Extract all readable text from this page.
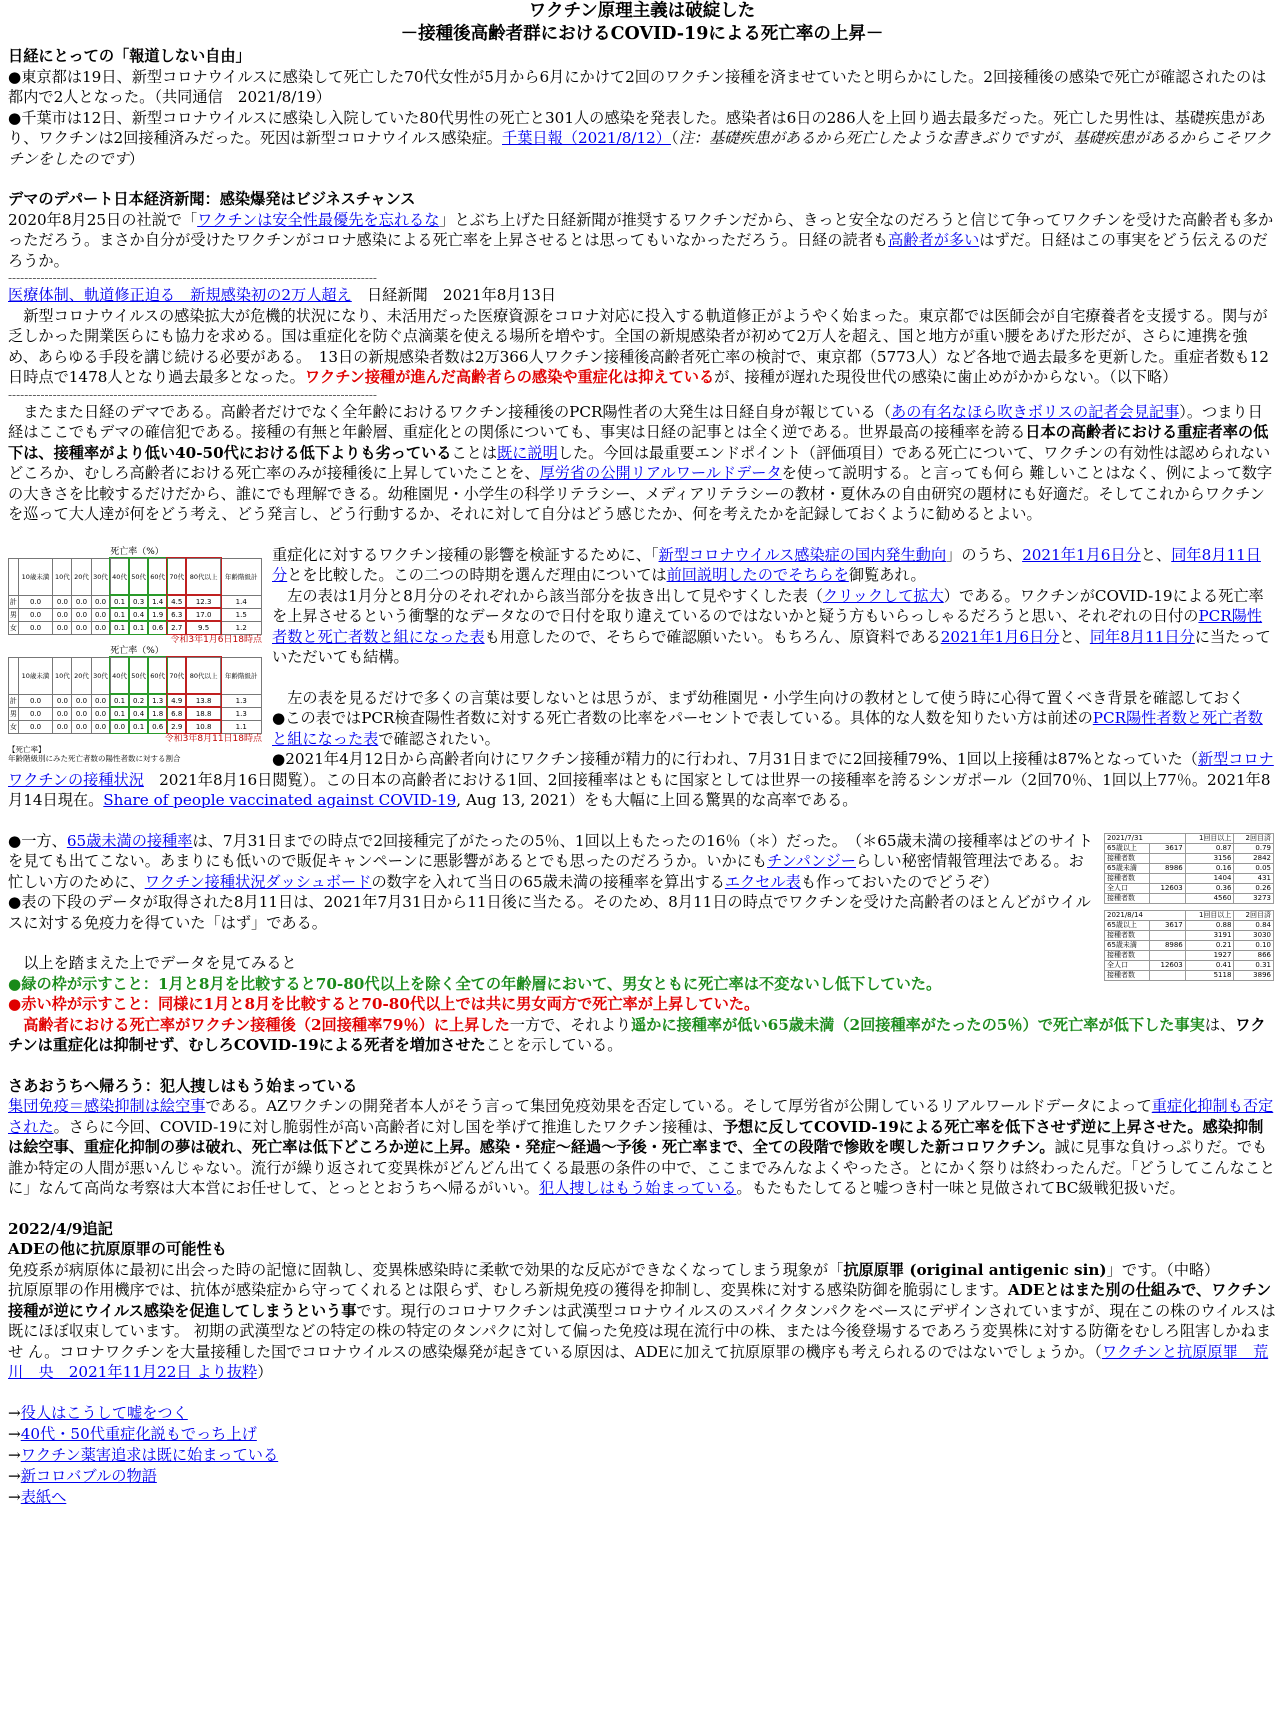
ワクチン原理主義は破綻した

－接種後高齢者群におけるCOVID-19による死亡率の上昇－

日経にとっての「報道しない自由」

●東京都は19日、新型コロナウイルスに感染して死亡した70代女性が5月から6月にかけて2回のワクチン接種を済ませていたと明らかにした。2回接種後の感染で死亡が確認されたのは都内で2人となった。（共同通信　2021/8/19）

●千葉市は12日、新型コロナウイルスに感染し入院していた80代男性の死亡と301人の感染を発表した。感染者は6日の286人を上回り過去最多だった。死亡した男性は、基礎疾患があり、ワクチンは2回接種済みだった。死因は新型コロナウイルス感染症。千葉日報（2021/8/12）（注：基礎疾患があるから死亡したような書きぶりですが、基礎疾患があるからこそワクチンをしたのです）

デマのデパート日本経済新聞：感染爆発はビジネスチャンス

2020年8月25日の社説で「ワクチンは安全性最優先を忘れるな」とぶち上げた日経新聞が推奨するワクチンだから、きっと安全なのだろうと信じて争ってワクチンを受けた高齢者も多かっただろう。まさか自分が受けたワクチンがコロナ感染による死亡率を上昇させるとは思ってもいなかっただろう。日経の読者も高齢者が多いはずだ。日経はこの事実をどう伝えるのだろうか。

-------------------------------------------------------------------------------------------

医療体制、軌道修正迫る　新規感染初の2万人超え　日経新聞　2021年8月13日

　新型コロナウイルスの感染拡大が危機的状況になり、未活用だった医療資源をコロナ対応に投入する軌道修正がようやく始まった。東京都では医師会が自宅療養者を支援する。関与が乏しかった開業医らにも協力を求める。国は重症化を防ぐ点滴薬を使える場所を増やす。全国の新規感染者が初めて2万人を超え、国と地方が重い腰をあげた形だが、さらに連携を強め、あらゆる手段を講じ続ける必要がある。　13日の新規感染者数は2万366人ワクチン接種後高齢者死亡率の検討で、東京都（5773人）など各地で過去最多を更新した。重症者数も12日時点で1478人となり過去最多となった。ワクチン接種が進んだ高齢者らの感染や重症化は抑えているが、接種が遅れた現役世代の感染に歯止めがかからない。（以下略）

-------------------------------------------------------------------------------------------

　またまた日経のデマである。高齢者だけでなく全年齢におけるワクチン接種後のPCR陽性者の大発生は日経自身が報じている（あの有名なほら吹きボリスの記者会見記事）。つまり日経はここでもデマの確信犯である。接種の有無と年齢層、重症化との関係についても、事実は日経の記事とは全く逆である。世界最高の接種率を誇る日本の高齢者における重症者率の低下は、接種率がより低い40-50代における低下よりも劣っていることは既に説明した。今回は最重要エンドポイント（評価項目）である死亡について、ワクチンの有効性は認められないどころか、むしろ高齢者における死亡率のみが接種後に上昇していたことを、厚労省の公開リアルワールドデータを使って説明する。と言っても何ら 難しいことはなく、例によって数字の大きさを比較するだけだから、誰にでも理解できる。幼稚園児・小学生の科学リテラシー、メディアリテラシーの教材・夏休みの自由研究の題材にも好適だ。そしてこれからワクチンを巡って大人達が何をどう考え、どう発言し、どう行動するか、それに対して自分はどう感じたか、何を考えたかを記録しておくように勧めるとよい。

死亡率（%）
	10歳未満	10代	20代	30代	40代	50代	60代	70代	80代以上	年齢階級計
計	0.0	0.0	0.0	0.0	0.1	0.3	1.4	4.5	12.3	1.4
男	0.0	0.0	0.0	0.0	0.1	0.4	1.9	6.3	17.0	1.5
女	0.0	0.0	0.0	0.0	0.1	0.1	0.6	2.7	9.5	1.2
令和3年1月6日18時点
死亡率（%）
	10歳未満	10代	20代	30代	40代	50代	60代	70代	80代以上	年齢階級計
計	0.0	0.0	0.0	0.0	0.1	0.2	1.3	4.9	13.8	1.3
男	0.0	0.0	0.0	0.0	0.1	0.4	1.8	6.8	18.8	1.3
女	0.0	0.0	0.0	0.0	0.0	0.1	0.6	2.9	10.8	1.1
令和3年8月11日18時点
【死亡率】
年齢階級別にみた死亡者数の陽性者数に対する割合

重症化に対するワクチン接種の影響を検証するために、「新型コロナウイルス感染症の国内発生動向」のうち、2021年1月6日分と、同年8月11日分とを比較した。この二つの時期を選んだ理由については前回説明したのでそちらを御覧あれ。

　左の表は1月分と8月分のそれぞれから該当部分を抜き出して見やすくした表（クリックして拡大）である。ワクチンがCOVID-19による死亡率を上昇させるという衝撃的なデータなので日付を取り違えているのではないかと疑う方もいらっしゃるだろうと思い、それぞれの日付のPCR陽性者数と死亡者数と組になった表も用意したので、そちらで確認願いたい。もちろん、原資料である2021年1月6日分と、同年8月11日分に当たっていただいても結構。

　左の表を見るだけで多くの言葉は要しないとは思うが、まず幼稚園児・小学生向けの教材として使う時に心得て置くべき背景を確認しておく

●この表ではPCR検査陽性者数に対する死亡者数の比率をパーセントで表している。具体的な人数を知りたい方は前述のPCR陽性者数と死亡者数と組になった表で確認されたい。

●2021年4月12日から高齢者向けにワクチン接種が精力的に行われ、7月31日までに2回接種79%、1回以上接種は87%となっていた（新型コロナワクチンの接種状況　2021年8月16日閲覧）。この日本の高齢者における1回、2回接種率はともに国家としては世界一の接種率を誇るシンガポール（2回70％、1回以上77％。2021年8月14日現在。Share of people vaccinated against COVID-19, Aug 13, 2021）をも大幅に上回る驚異的な高率である。

2021/7/31		1回目以上	2回目済
65歳以上	3617	0.87	0.79
接種者数		3156	2842
65歳未満	8986	0.16	0.05
接種者数		1404	431
全人口	12603	0.36	0.26
接種者数		4560	3273
2021/8/14		1回目以上	2回目済
65歳以上	3617	0.88	0.84
接種者数		3191	3030
65歳未満	8986	0.21	0.10
接種者数		1927	866
全人口	12603	0.41	0.31
接種者数		5118	3896

●一方、65歳未満の接種率は、7月31日までの時点で2回接種完了がたったの5％、1回以上もたったの16％（＊）だった。　（＊65歳未満の接種率はどのサイトを見ても出てこない。あまりにも低いので販促キャンペーンに悪影響があるとでも思ったのだろうか。いかにもチンパンジーらしい秘密情報管理法である。お忙しい方のために、ワクチン接種状況ダッシュボードの数字を入れて当日の65歳未満の接種率を算出するエクセル表も作っておいたのでどうぞ）

●表の下段のデータが取得された8月11日は、2021年7月31日から11日後に当たる。そのため、8月11日の時点でワクチンを受けた高齢者のほとんどがウイルスに対する免疫力を得ていた「はず」である。

　以上を踏まえた上でデータを見てみると

●緑の枠が示すこと：1月と8月を比較すると70-80代以上を除く全ての年齢層において、男女ともに死亡率は不変ないし低下していた。

●赤い枠が示すこと：同様に1月と8月を比較すると70-80代以上では共に男女両方で死亡率が上昇していた。

　高齢者における死亡率がワクチン接種後（2回接種率79％）に上昇した一方で、それより遥かに接種率が低い65歳未満（2回接種率がたったの5％）で死亡率が低下した事実は、ワクチンは重症化は抑制せず、むしろCOVID-19による死者を増加させたことを示している。

さあおうちへ帰ろう：犯人捜しはもう始まっている

集団免疫＝感染抑制は絵空事である。AZワクチンの開発者本人がそう言って集団免疫効果を否定している。そして厚労省が公開しているリアルワールドデータによって重症化抑制も否定された。さらに今回、COVID-19に対し脆弱性が高い高齢者に対し国を挙げて推進したワクチン接種は、予想に反してCOVID-19による死亡率を低下させず逆に上昇させた。感染抑制は絵空事、重症化抑制の夢は破れ、死亡率は低下どころか逆に上昇。感染・発症～経過～予後・死亡率まで、全ての段階で惨敗を喫した新コロワクチン。誠に見事な負けっぷりだ。でも誰か特定の人間が悪いんじゃない。流行が繰り返されて変異株がどんどん出てくる最悪の条件の中で、ここまでみんなよくやったさ。とにかく祭りは終わったんだ。「どうしてこんなことに」なんて高尚な考察は大本営にお任せして、とっととおうちへ帰るがいい。犯人捜しはもう始まっている。もたもたしてると嘘つき村一味と見做されてBC級戦犯扱いだ。

2022/4/9追記

ADEの他に抗原原罪の可能性も

免疫系が病原体に最初に出会った時の記憶に固執し、変異株感染時に柔軟で効果的な反応ができなくなってしまう現象が「抗原原罪 (original antigenic sin)」です。（中略）

抗原原罪の作用機序では、抗体が感染症から守ってくれるとは限らず、むしろ新規免疫の獲得を抑制し、変異株に対する感染防御を脆弱にします。ADEとはまた別の仕組みで、ワクチン接種が逆にウイルス感染を促進してしまうという事です。現行のコロナワクチンは武漢型コロナウイルスのスパイクタンパクをベースにデザインされていますが、現在この株のウイルスは既にほぼ収束しています。 初期の武漢型などの特定の株の特定のタンパクに対して偏った免疫は現在流行中の株、または今後登場するであろう変異株に対する防衛をむしろ阻害しかねませ ん。コロナワクチンを大量接種した国でコロナウイルスの感染爆発が起きている原因は、ADEに加えて抗原原罪の機序も考えられるのではないでしょうか。（ワクチンと抗原原罪　荒川　央　2021年11月22日 より抜粋）

→役人はこうして嘘をつく

→40代・50代重症化説もでっち上げ

→ワクチン薬害追求は既に始まっている

→新コロバブルの物語

→表紙へ
